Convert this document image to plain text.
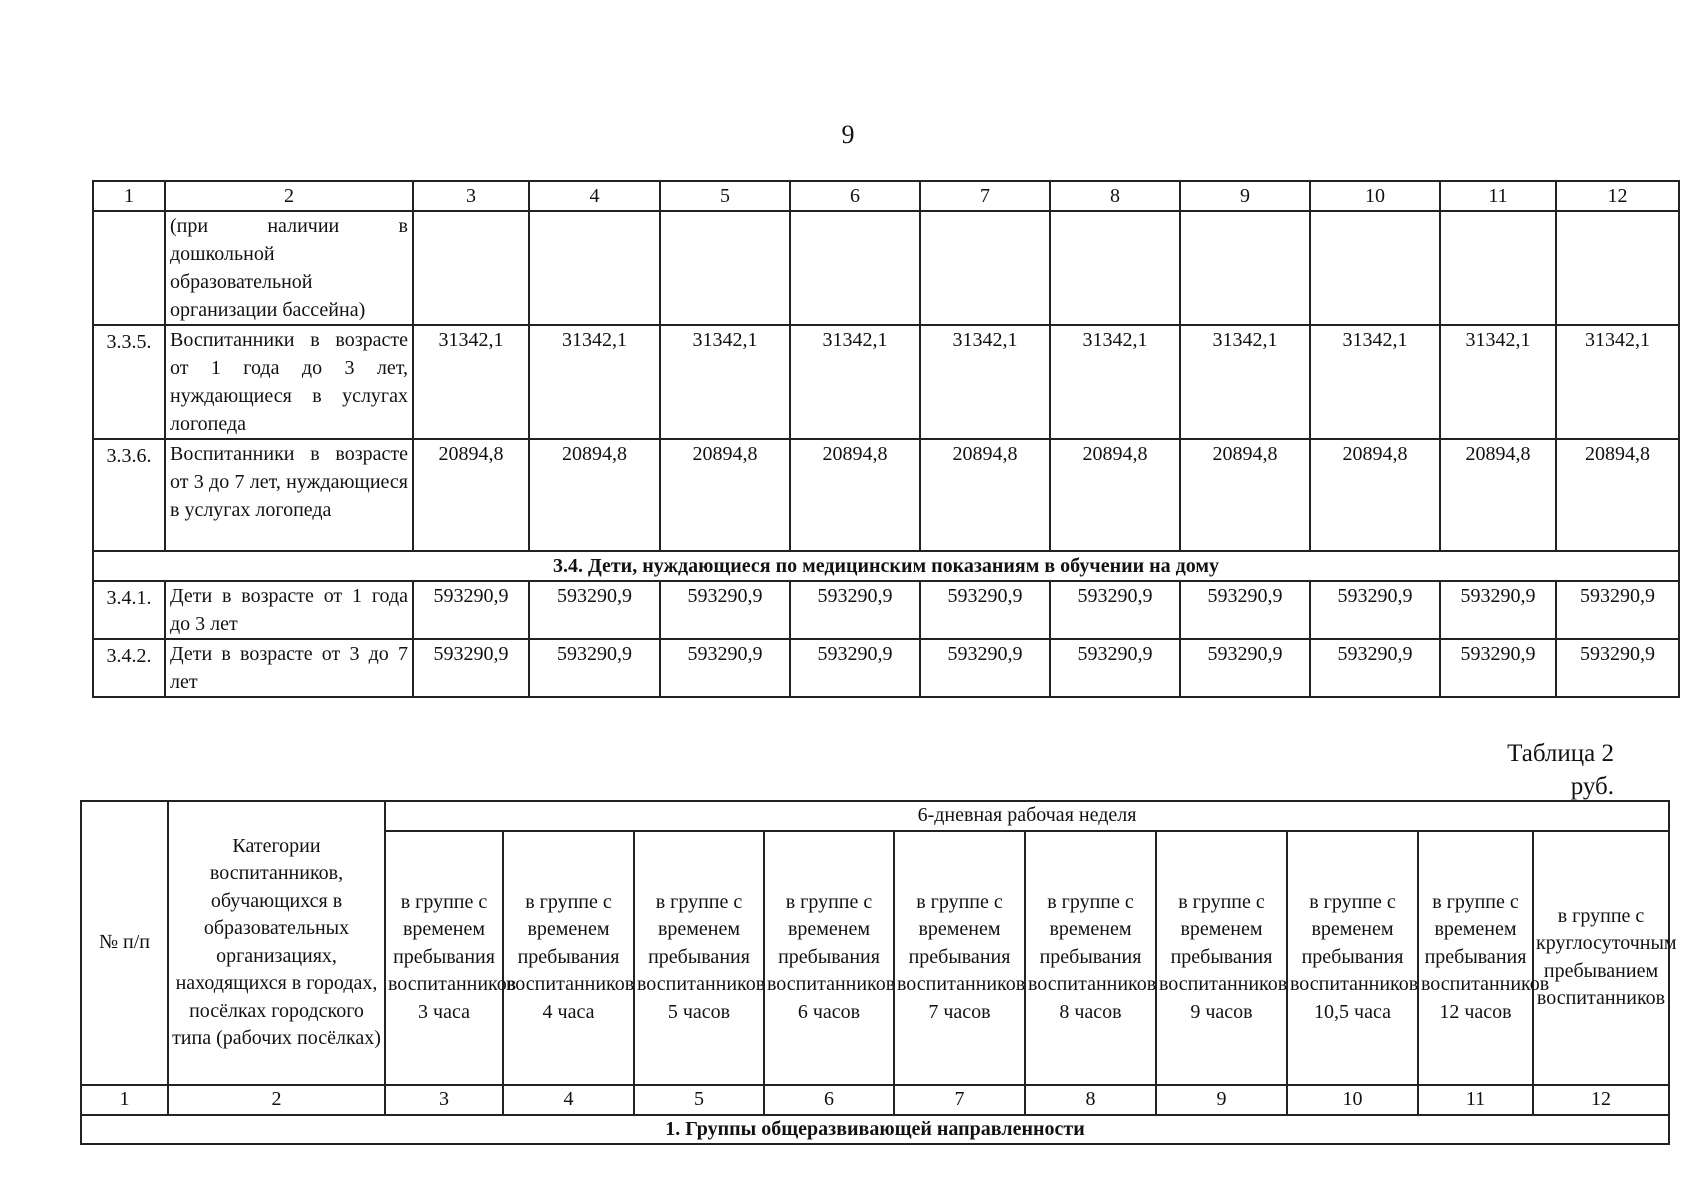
9
1	2	3	4	5	6	7	8	9	10	11	12
	(при наличии в дошкольной образовательной организации бассейна)										
3.3.5.	Воспитанники в возрасте от 1 года до 3 лет, нуждающиеся в услугах логопеда	31342,1	31342,1	31342,1	31342,1	31342,1	31342,1	31342,1	31342,1	31342,1	31342,1
3.3.6.	Воспитанники в возрасте от 3 до 7 лет, нуждающиеся в услугах логопеда	20894,8	20894,8	20894,8	20894,8	20894,8	20894,8	20894,8	20894,8	20894,8	20894,8
3.4. Дети, нуждающиеся по медицинским показаниям в обучении на дому											
3.4.1.	Дети в возрасте от 1 года до 3 лет	593290,9	593290,9	593290,9	593290,9	593290,9	593290,9	593290,9	593290,9	593290,9	593290,9
3.4.2.	Дети в возрасте от 3 до 7 лет	593290,9	593290,9	593290,9	593290,9	593290,9	593290,9	593290,9	593290,9	593290,9	593290,9
Таблица 2
руб.
№ п/п	Категории воспитанников, обучающихся в образовательных организациях, находящихся в городах, посёлках городского типа (рабочих посёлках)	6-дневная рабочая неделя									
		в группе с временем пребывания воспитанников 3 часа	в группе с временем пребывания воспитанников 4 часа	в группе с временем пребывания воспитанников 5 часов	в группе с временем пребывания воспитанников 6 часов	в группе с временем пребывания воспитанников 7 часов	в группе с временем пребывания воспитанников 8 часов	в группе с временем пребывания воспитанников 9 часов	в группе с временем пребывания воспитанников 10,5 часа	в группе с временем пребывания воспитанников 12 часов	в группе с круглосуточным пребыванием воспитанников
1	2	3	4	5	6	7	8	9	10	11	12
1. Группы общеразвивающей направленности											
